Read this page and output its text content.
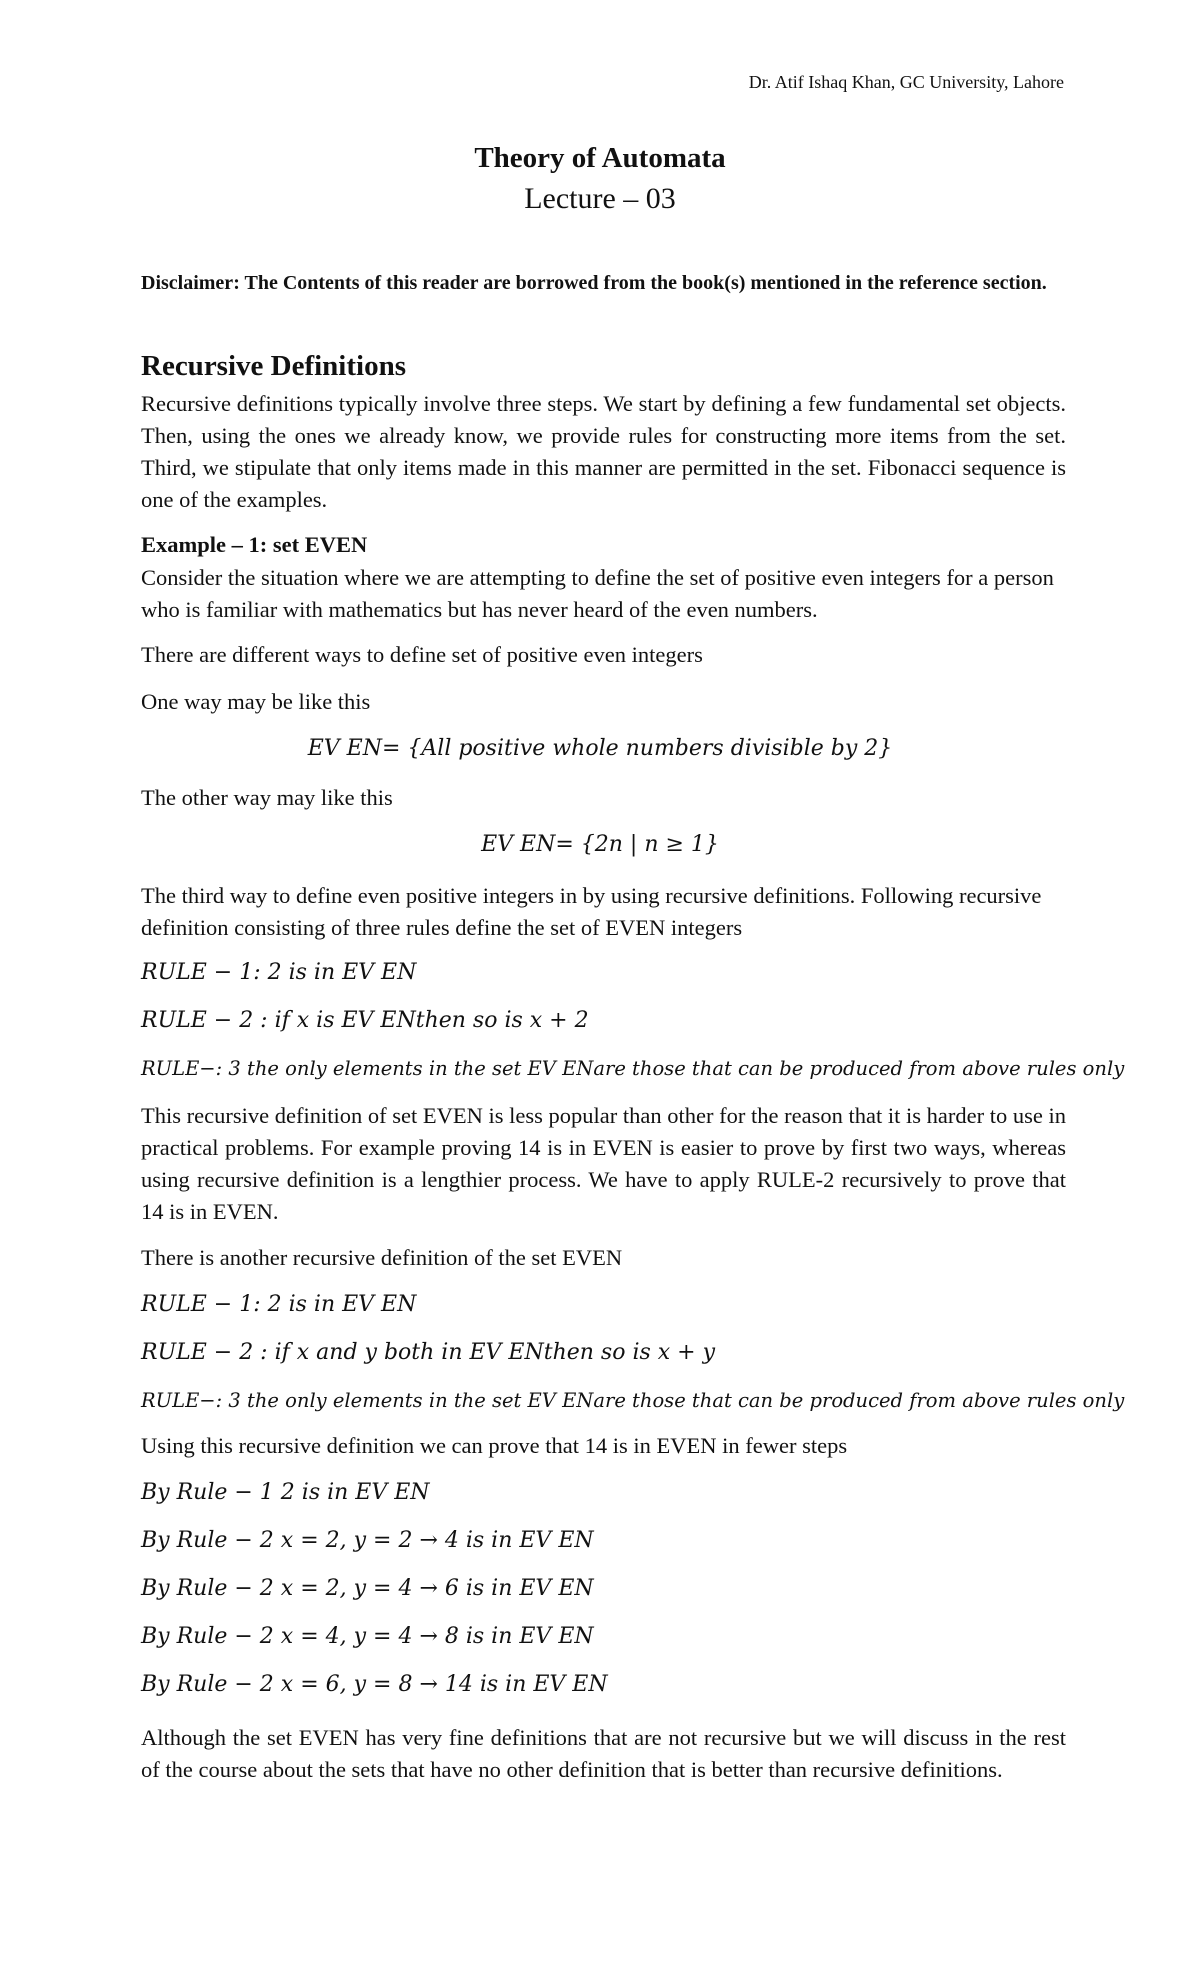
Dr. Atif Ishaq Khan, GC University, Lahore
Theory of Automata
Lecture – 03
Disclaimer: The Contents of this reader are borrowed from the book(s) mentioned in the reference section.
Recursive Definitions
Recursive definitions typically involve three steps. We start by defining a few fundamental set objects. Then, using the ones we already know, we provide rules for constructing more items from the set. Third, we stipulate that only items made in this manner are permitted in the set. Fibonacci sequence is one of the examples.
Example – 1: set EVEN
Consider the situation where we are attempting to define the set of positive even integers for a person who is familiar with mathematics but has never heard of the even numbers.
There are different ways to define set of positive even integers
One way may be like this
EV EN= {All positive whole numbers divisible by 2}
The other way may like this
EV EN= {2n | n ≥ 1}
The third way to define even positive integers in by using recursive definitions. Following recursive definition consisting of three rules define the set of EVEN integers
RULE − 1: 2 is in EV EN
RULE − 2 : if x is EV ENthen so is x + 2
RULE−: 3 the only elements in the set EV ENare those that can be produced from above rules only
This recursive definition of set EVEN is less popular than other for the reason that it is harder to use in practical problems. For example proving 14 is in EVEN is easier to prove by first two ways, whereas using recursive definition is a lengthier process. We have to apply RULE-2 recursively to prove that 14 is in EVEN.
There is another recursive definition of the set EVEN
RULE − 1: 2 is in EV EN
RULE − 2 : if x and y both in EV ENthen so is x + y
RULE−: 3 the only elements in the set EV ENare those that can be produced from above rules only
Using this recursive definition we can prove that 14 is in EVEN in fewer steps
By Rule − 1 2 is in EV EN
By Rule − 2 x = 2, y = 2 → 4 is in EV EN
By Rule − 2 x = 2, y = 4 → 6 is in EV EN
By Rule − 2 x = 4, y = 4 → 8 is in EV EN
By Rule − 2 x = 6, y = 8 → 14 is in EV EN
Although the set EVEN has very fine definitions that are not recursive but we will discuss in the rest of the course about the sets that have no other definition that is better than recursive definitions.
